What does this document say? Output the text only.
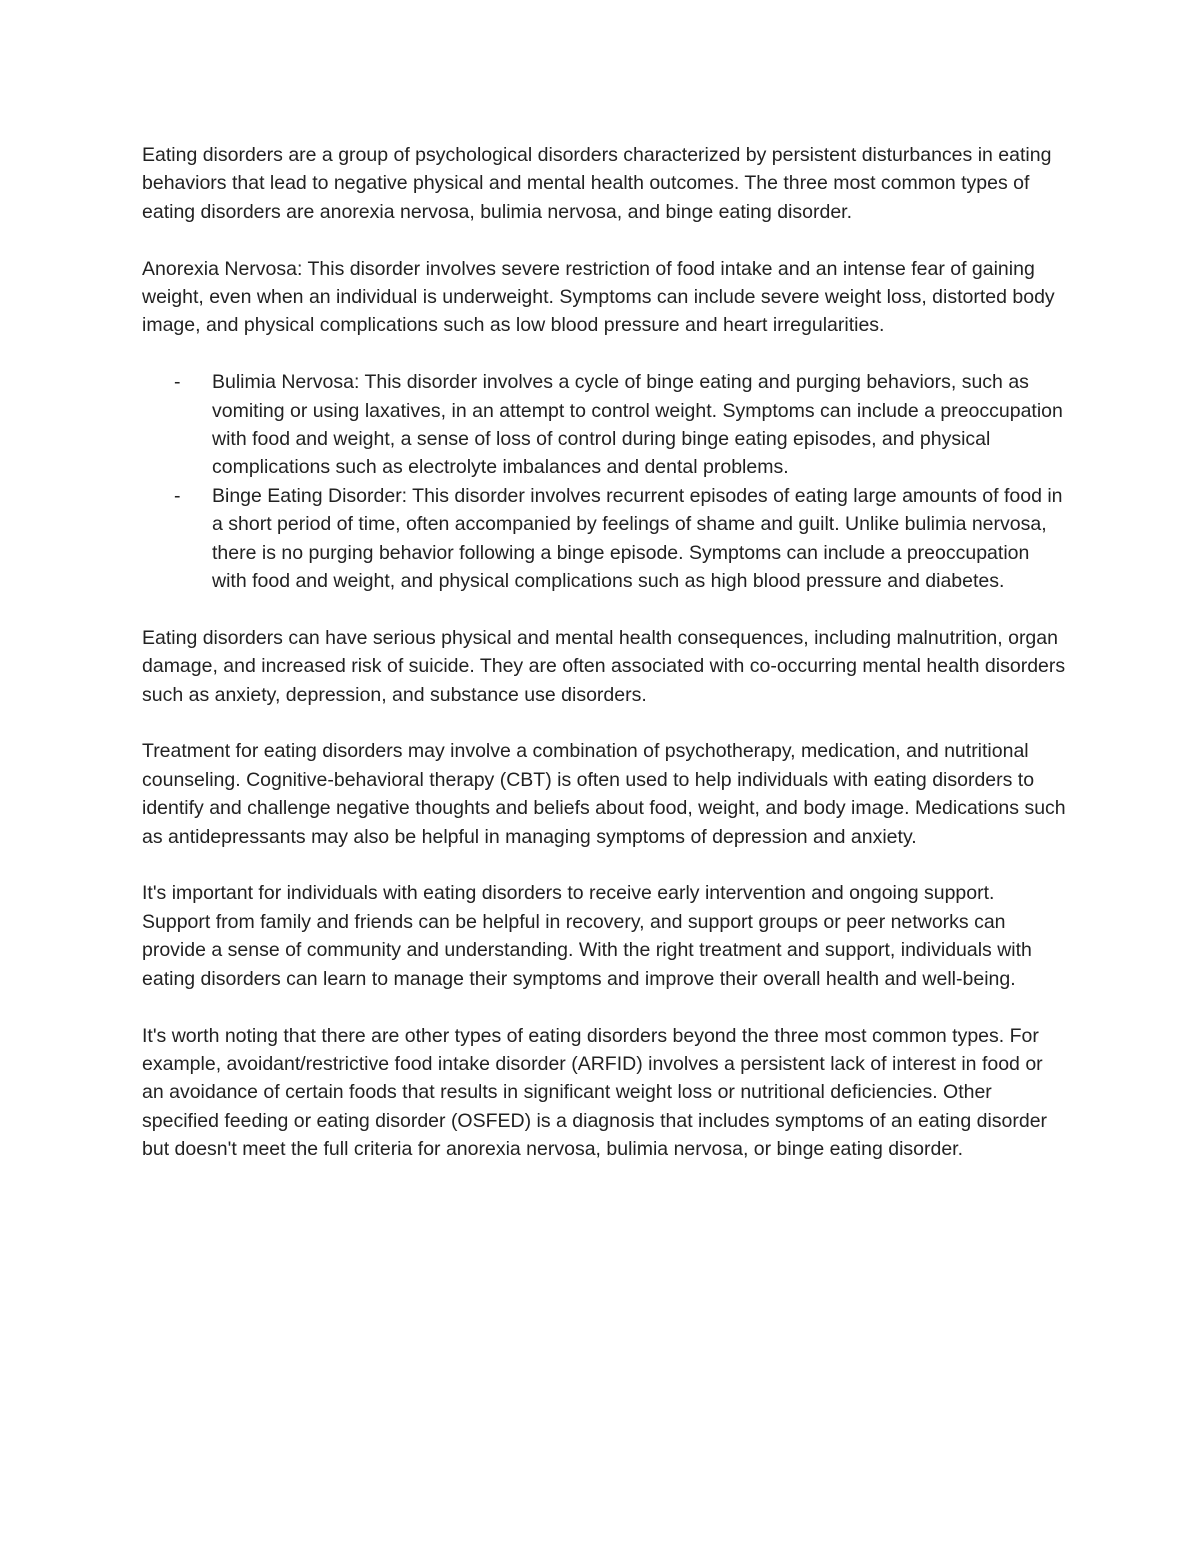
Eating disorders are a group of psychological disorders characterized by persistent disturbances in eating behaviors that lead to negative physical and mental health outcomes. The three most common types of eating disorders are anorexia nervosa, bulimia nervosa, and binge eating disorder.

Anorexia Nervosa: This disorder involves severe restriction of food intake and an intense fear of gaining weight, even when an individual is underweight. Symptoms can include severe weight loss, distorted body image, and physical complications such as low blood pressure and heart irregularities.

- Bulimia Nervosa: This disorder involves a cycle of binge eating and purging behaviors, such as vomiting or using laxatives, in an attempt to control weight. Symptoms can include a preoccupation with food and weight, a sense of loss of control during binge eating episodes, and physical complications such as electrolyte imbalances and dental problems.
- Binge Eating Disorder: This disorder involves recurrent episodes of eating large amounts of food in a short period of time, often accompanied by feelings of shame and guilt. Unlike bulimia nervosa, there is no purging behavior following a binge episode. Symptoms can include a preoccupation with food and weight, and physical complications such as high blood pressure and diabetes.

Eating disorders can have serious physical and mental health consequences, including malnutrition, organ damage, and increased risk of suicide. They are often associated with co-occurring mental health disorders such as anxiety, depression, and substance use disorders.

Treatment for eating disorders may involve a combination of psychotherapy, medication, and nutritional counseling. Cognitive-behavioral therapy (CBT) is often used to help individuals with eating disorders to identify and challenge negative thoughts and beliefs about food, weight, and body image. Medications such as antidepressants may also be helpful in managing symptoms of depression and anxiety.

It's important for individuals with eating disorders to receive early intervention and ongoing support. Support from family and friends can be helpful in recovery, and support groups or peer networks can provide a sense of community and understanding. With the right treatment and support, individuals with eating disorders can learn to manage their symptoms and improve their overall health and well-being.

It's worth noting that there are other types of eating disorders beyond the three most common types. For example, avoidant/restrictive food intake disorder (ARFID) involves a persistent lack of interest in food or an avoidance of certain foods that results in significant weight loss or nutritional deficiencies. Other specified feeding or eating disorder (OSFED) is a diagnosis that includes symptoms of an eating disorder but doesn't meet the full criteria for anorexia nervosa, bulimia nervosa, or binge eating disorder.
